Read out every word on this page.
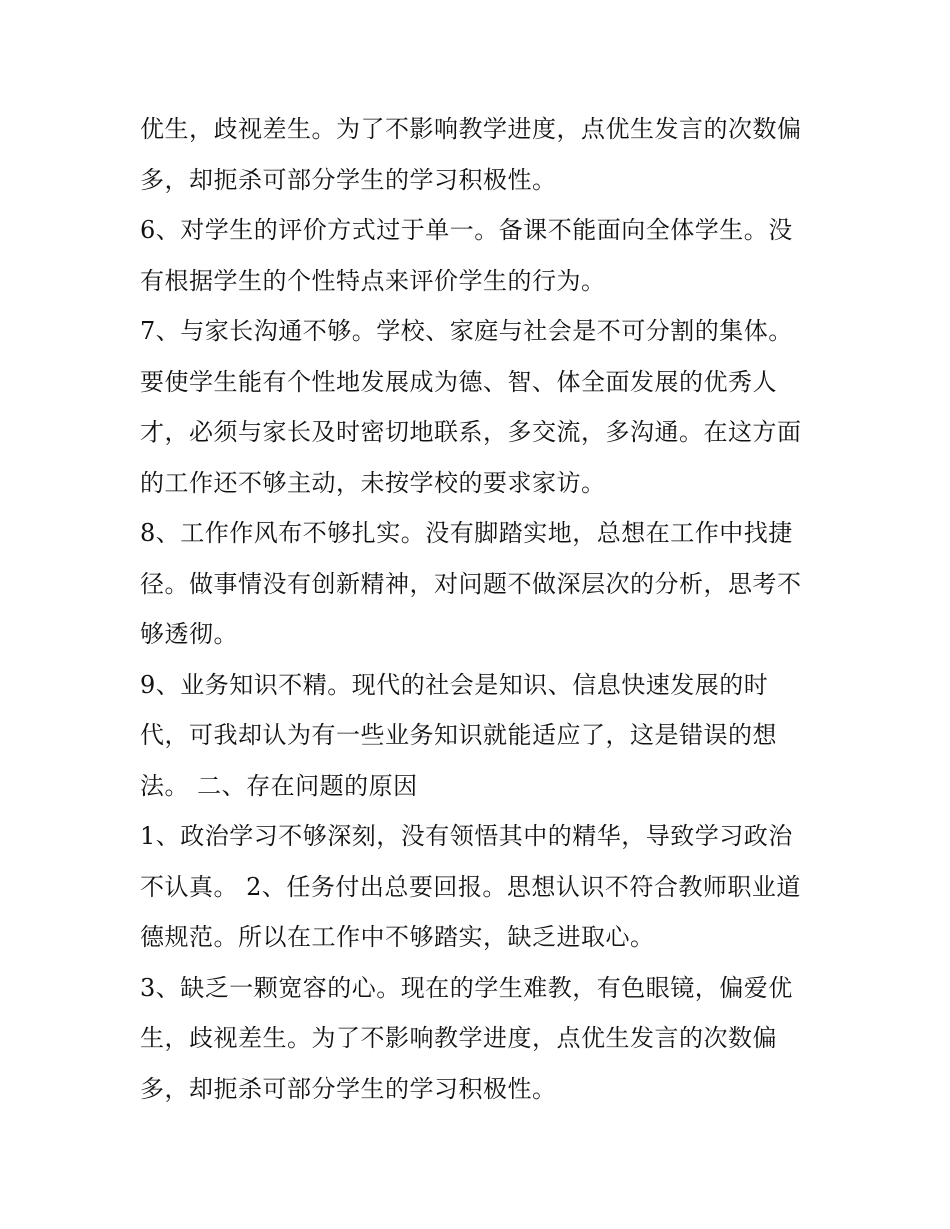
优生，歧视差生。为了不影响教学进度，点优生发言的次数偏
多，却扼杀可部分学生的学习积极性。
6、对学生的评价方式过于单一。备课不能面向全体学生。没
有根据学生的个性特点来评价学生的行为。
7、与家长沟通不够。学校、家庭与社会是不可分割的集体。
要使学生能有个性地发展成为德、智、体全面发展的优秀人
才，必须与家长及时密切地联系，多交流，多沟通。在这方面
的工作还不够主动，未按学校的要求家访。
8、工作作风布不够扎实。没有脚踏实地，总想在工作中找捷
径。做事情没有创新精神，对问题不做深层次的分析，思考不
够透彻。
9、业务知识不精。现代的社会是知识、信息快速发展的时
代，可我却认为有一些业务知识就能适应了，这是错误的想
法。 二、存在问题的原因
1、政治学习不够深刻，没有领悟其中的精华，导致学习政治
不认真。 2、任务付出总要回报。思想认识不符合教师职业道
德规范。所以在工作中不够踏实，缺乏进取心。
3、缺乏一颗宽容的心。现在的学生难教，有色眼镜，偏爱优
生，歧视差生。为了不影响教学进度，点优生发言的次数偏
多，却扼杀可部分学生的学习积极性。
